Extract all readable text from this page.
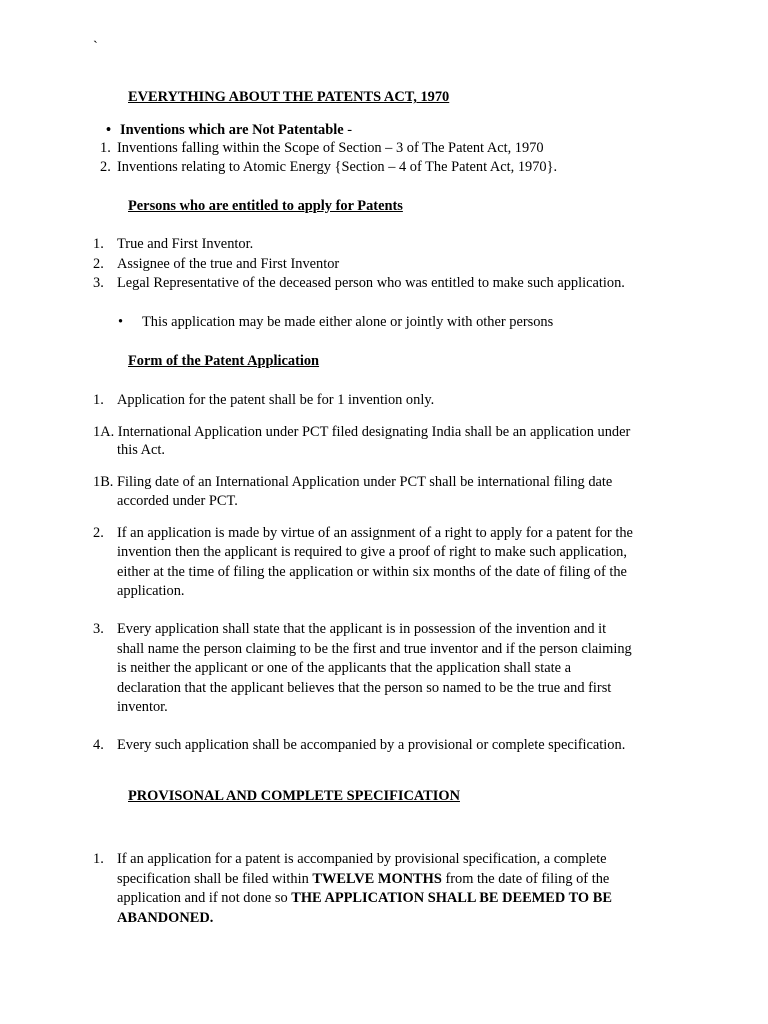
`
EVERYTHING ABOUT THE PATENTS ACT, 1970
• Inventions which are Not Patentable -
1. Inventions falling within the Scope of Section – 3 of The Patent Act, 1970
2. Inventions relating to Atomic Energy {Section – 4 of The Patent Act, 1970}.
Persons who are entitled to apply for Patents
1. True and First Inventor.
2. Assignee of the true and First Inventor
3. Legal Representative of the deceased person who was entitled to make such application.
• This application may be made either alone or jointly with other persons
Form of the Patent Application
1. Application for the patent shall be for 1 invention only.
1A. International Application under PCT filed designating India shall be an application under
this Act.
1B. Filing date of an International Application under PCT shall be international filing date
accorded under PCT.
2. If an application is made by virtue of an assignment of a right to apply for a patent for the
invention then the applicant is required to give a proof of right to make such application,
either at the time of filing the application or within six months of the date of filing of the
application.
3. Every application shall state that the applicant is in possession of the invention and it
shall name the person claiming to be the first and true inventor and if the person claiming
is neither the applicant or one of the applicants that the application shall state a
declaration that the applicant believes that the person so named to be the true and first
inventor.
4. Every such application shall be accompanied by a provisional or complete specification.
PROVISONAL AND COMPLETE SPECIFICATION
1. If an application for a patent is accompanied by provisional specification, a complete
specification shall be filed within TWELVE MONTHS from the date of filing of the
application and if not done so THE APPLICATION SHALL BE DEEMED TO BE
ABANDONED.
